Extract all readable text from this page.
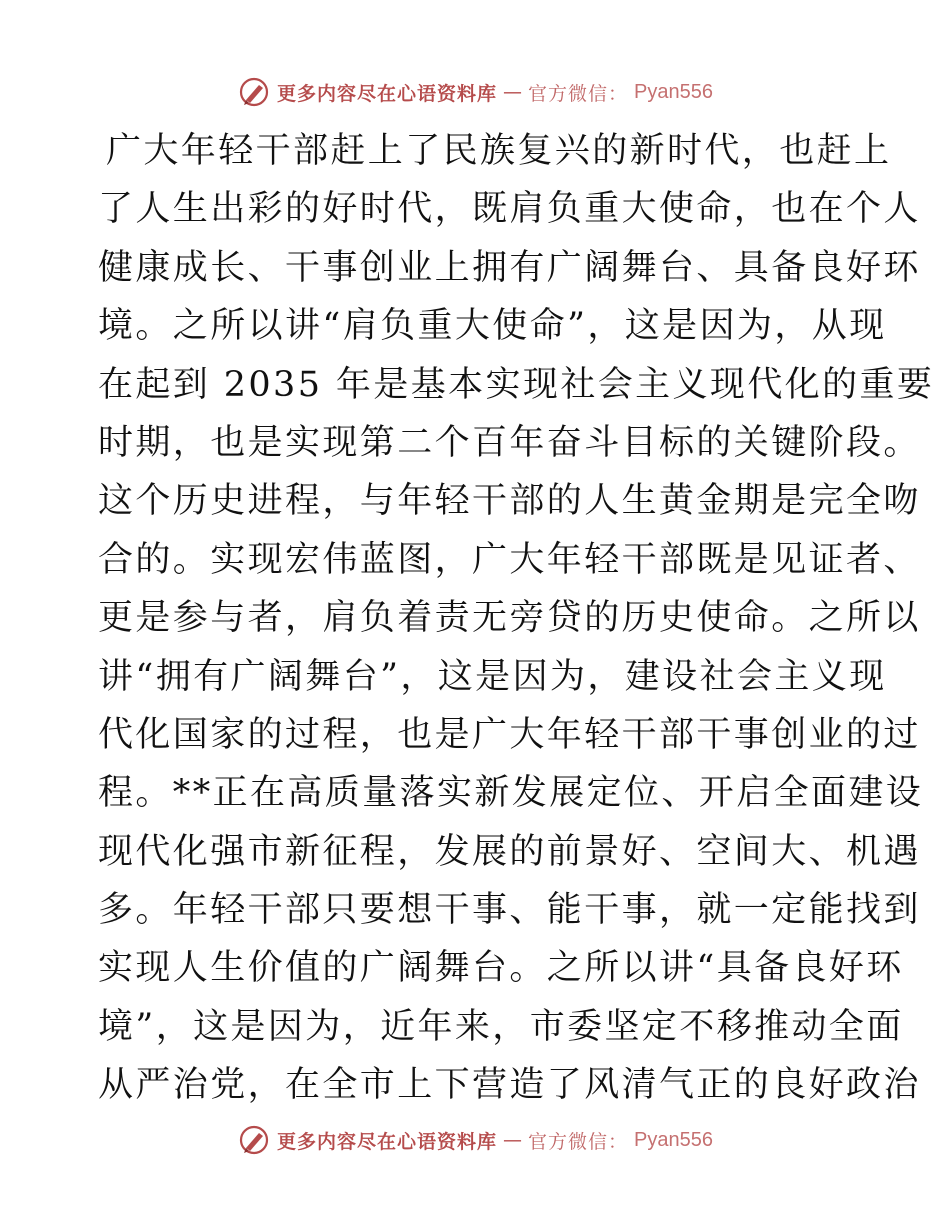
更多内容尽在心语资料库 — 官方微信： Pyan556
广大年轻干部赶上了民族复兴的新时代，也赶上
了人生出彩的好时代，既肩负重大使命，也在个人
健康成长、干事创业上拥有广阔舞台、具备良好环
境。之所以讲“肩负重大使命”，这是因为，从现
在起到 2035 年是基本实现社会主义现代化的重要
时期，也是实现第二个百年奋斗目标的关键阶段。
这个历史进程，与年轻干部的人生黄金期是完全吻
合的。实现宏伟蓝图，广大年轻干部既是见证者、
更是参与者，肩负着责无旁贷的历史使命。之所以
讲“拥有广阔舞台”，这是因为，建设社会主义现
代化国家的过程，也是广大年轻干部干事创业的过
程。**正在高质量落实新发展定位、开启全面建设
现代化强市新征程，发展的前景好、空间大、机遇
多。年轻干部只要想干事、能干事，就一定能找到
实现人生价值的广阔舞台。之所以讲“具备良好环
境”，这是因为，近年来，市委坚定不移推动全面
从严治党，在全市上下营造了风清气正的良好政治
更多内容尽在心语资料库 — 官方微信： Pyan556
